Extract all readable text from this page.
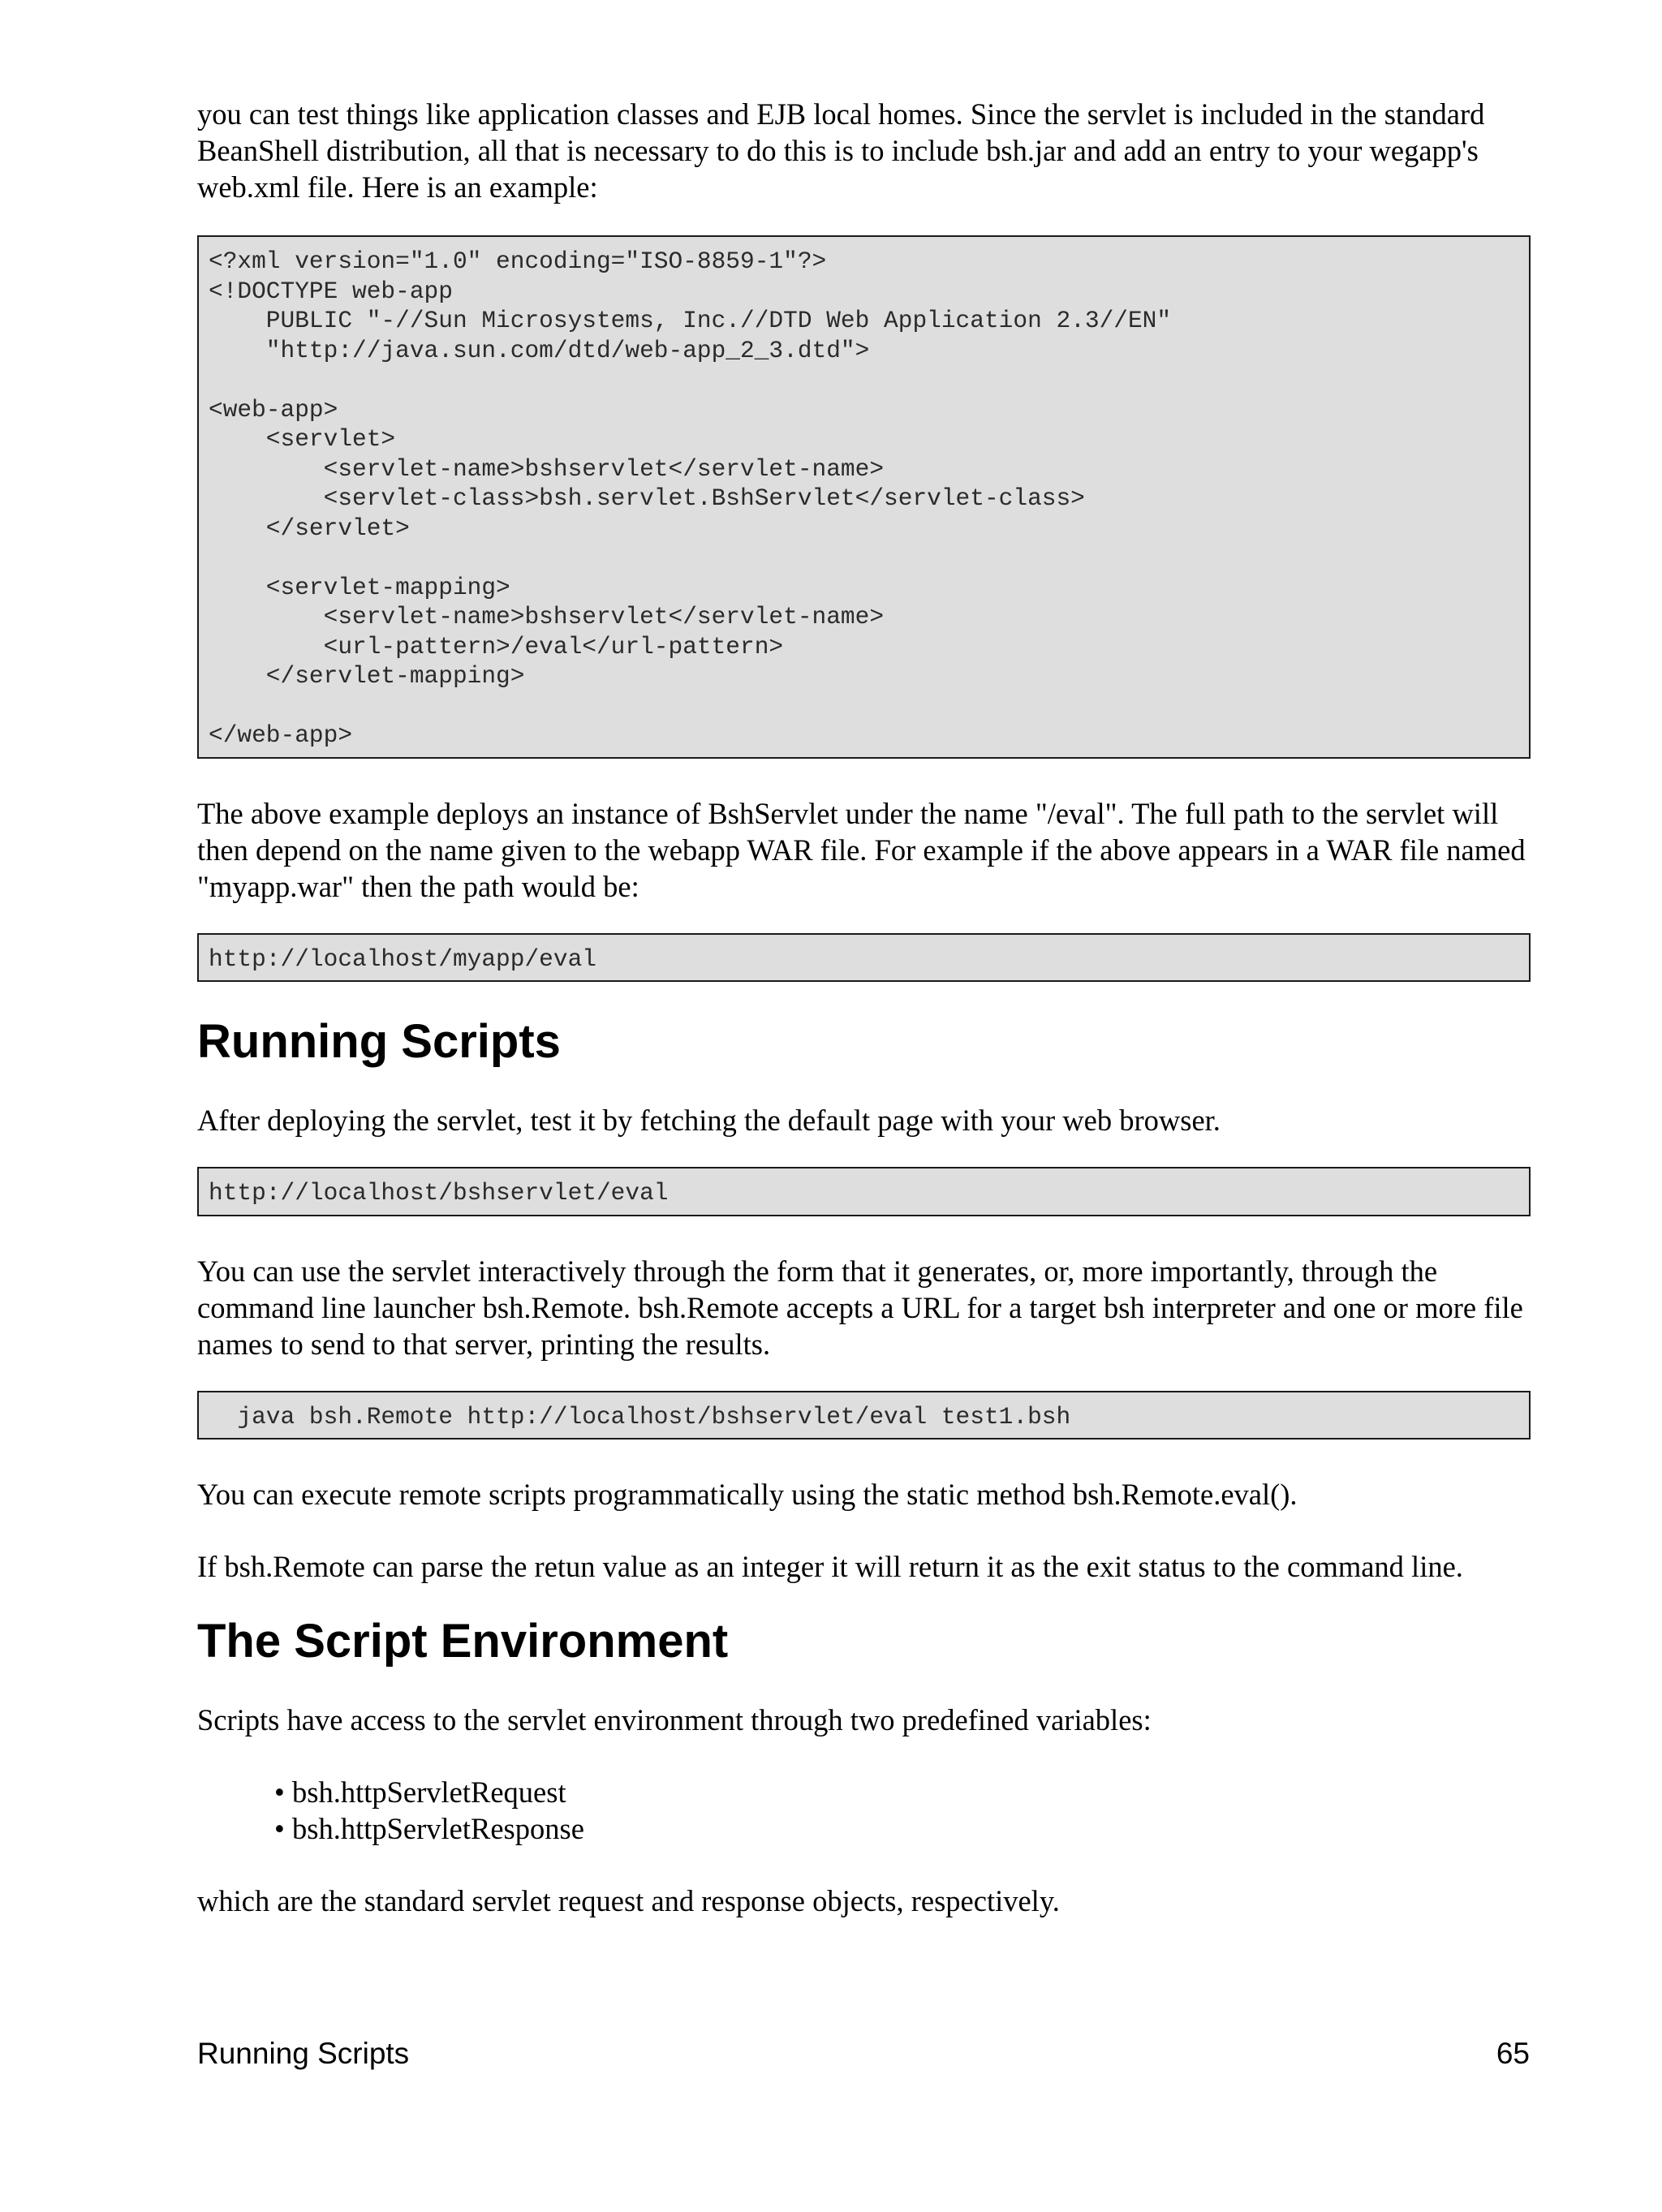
you can test things like application classes and EJB local homes. Since the servlet is included in the standard BeanShell distribution, all that is necessary to do this is to include bsh.jar and add an entry to your wegapp's web.xml file. Here is an example:

<?xml version="1.0" encoding="ISO-8859-1"?>
<!DOCTYPE web-app
PUBLIC "-//Sun Microsystems, Inc.//DTD Web Application 2.3//EN"
"http://java.sun.com/dtd/web-app_2_3.dtd">

<web-app>
<servlet>
<servlet-name>bshservlet</servlet-name>
<servlet-class>bsh.servlet.BshServlet</servlet-class>
</servlet>

<servlet-mapping>
<servlet-name>bshservlet</servlet-name>
<url-pattern>/eval</url-pattern>
</servlet-mapping>

</web-app>

The above example deploys an instance of BshServlet under the name "/eval". The full path to the servlet will then depend on the name given to the webapp WAR file. For example if the above appears in a WAR file named "myapp.war" then the path would be:

http://localhost/myapp/eval
Running Scripts

After deploying the servlet, test it by fetching the default page with your web browser.

http://localhost/bshservlet/eval

You can use the servlet interactively through the form that it generates, or, more importantly, through the command line launcher bsh.Remote. bsh.Remote accepts a URL for a target bsh interpreter and one or more file names to send to that server, printing the results.

java bsh.Remote http://localhost/bshservlet/eval test1.bsh

You can execute remote scripts programmatically using the static method bsh.Remote.eval().

If bsh.Remote can parse the retun value as an integer it will return it as the exit status to the command line.

The Script Environment

Scripts have access to the servlet environment through two predefined variables:

• bsh.httpServletRequest
• bsh.httpServletResponse

which are the standard servlet request and response objects, respectively.

Running Scripts	65
